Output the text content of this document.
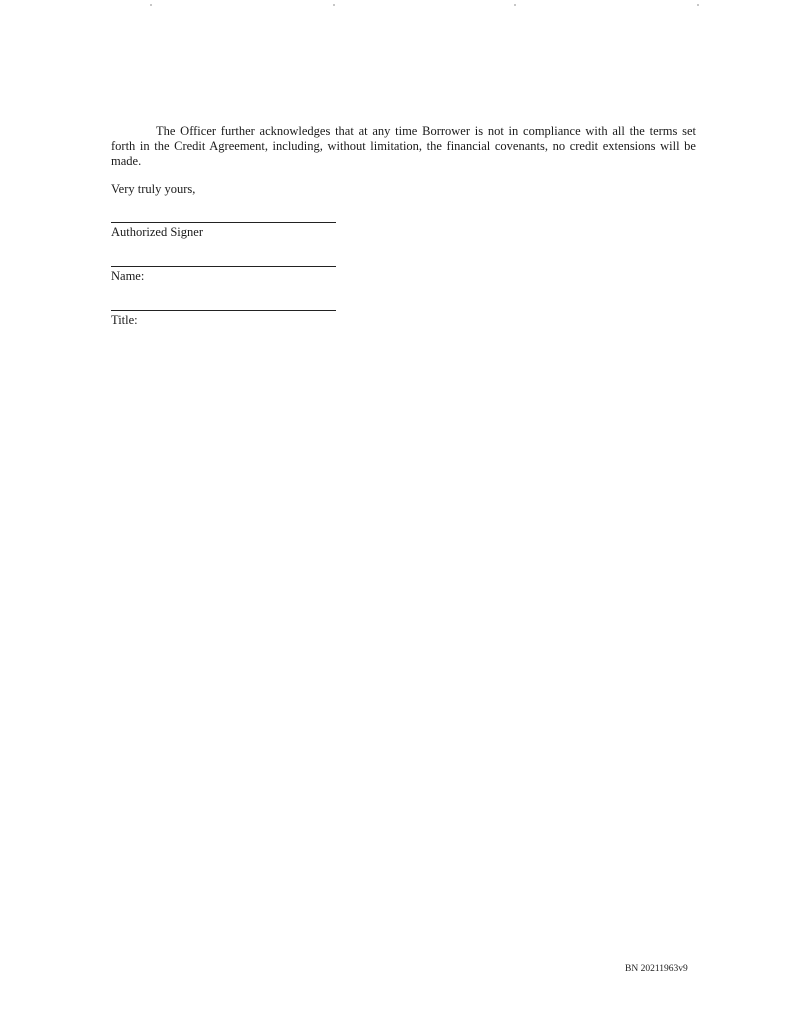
The Officer further acknowledges that at any time Borrower is not in compliance with all the terms set
forth in the Credit Agreement, including, without limitation, the financial covenants, no credit extensions will be
made.
Very truly yours,
Authorized Signer
Name:
Title:
BN 20211963v9
